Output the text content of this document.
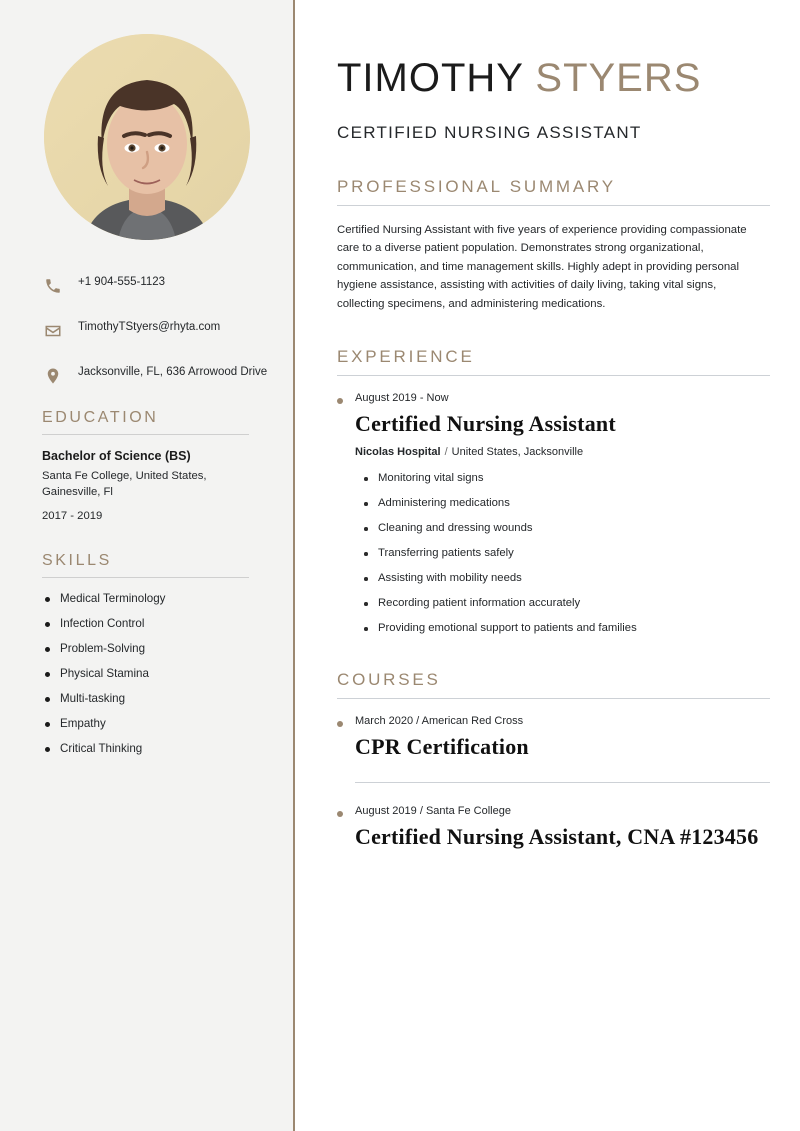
+1 904-555-1123
TimothyTStyers@rhyta.com
Jacksonville, FL, 636 Arrowood Drive
EDUCATION
Bachelor of Science (BS)
Santa Fe College, United States, Gainesville, Fl
2017 - 2019
SKILLS
Medical Terminology
Infection Control
Problem-Solving
Physical Stamina
Multi-tasking
Empathy
Critical Thinking
TIMOTHY STYERS
CERTIFIED NURSING ASSISTANT
PROFESSIONAL SUMMARY

Certified Nursing Assistant with five years of experience providing compassionate care to a diverse patient population. Demonstrates strong organizational, communication, and time management skills. Highly adept in providing personal hygiene assistance, assisting with activities of daily living, taking vital signs, collecting specimens, and administering medications.

EXPERIENCE
August 2019 - Now
Certified Nursing Assistant
Nicolas Hospital / United States, Jacksonville
Monitoring vital signs
Administering medications
Cleaning and dressing wounds
Transferring patients safely
Assisting with mobility needs
Recording patient information accurately
Providing emotional support to patients and families
COURSES
March 2020 / American Red Cross
CPR Certification
August 2019 / Santa Fe College
Certified Nursing Assistant, CNA #123456
